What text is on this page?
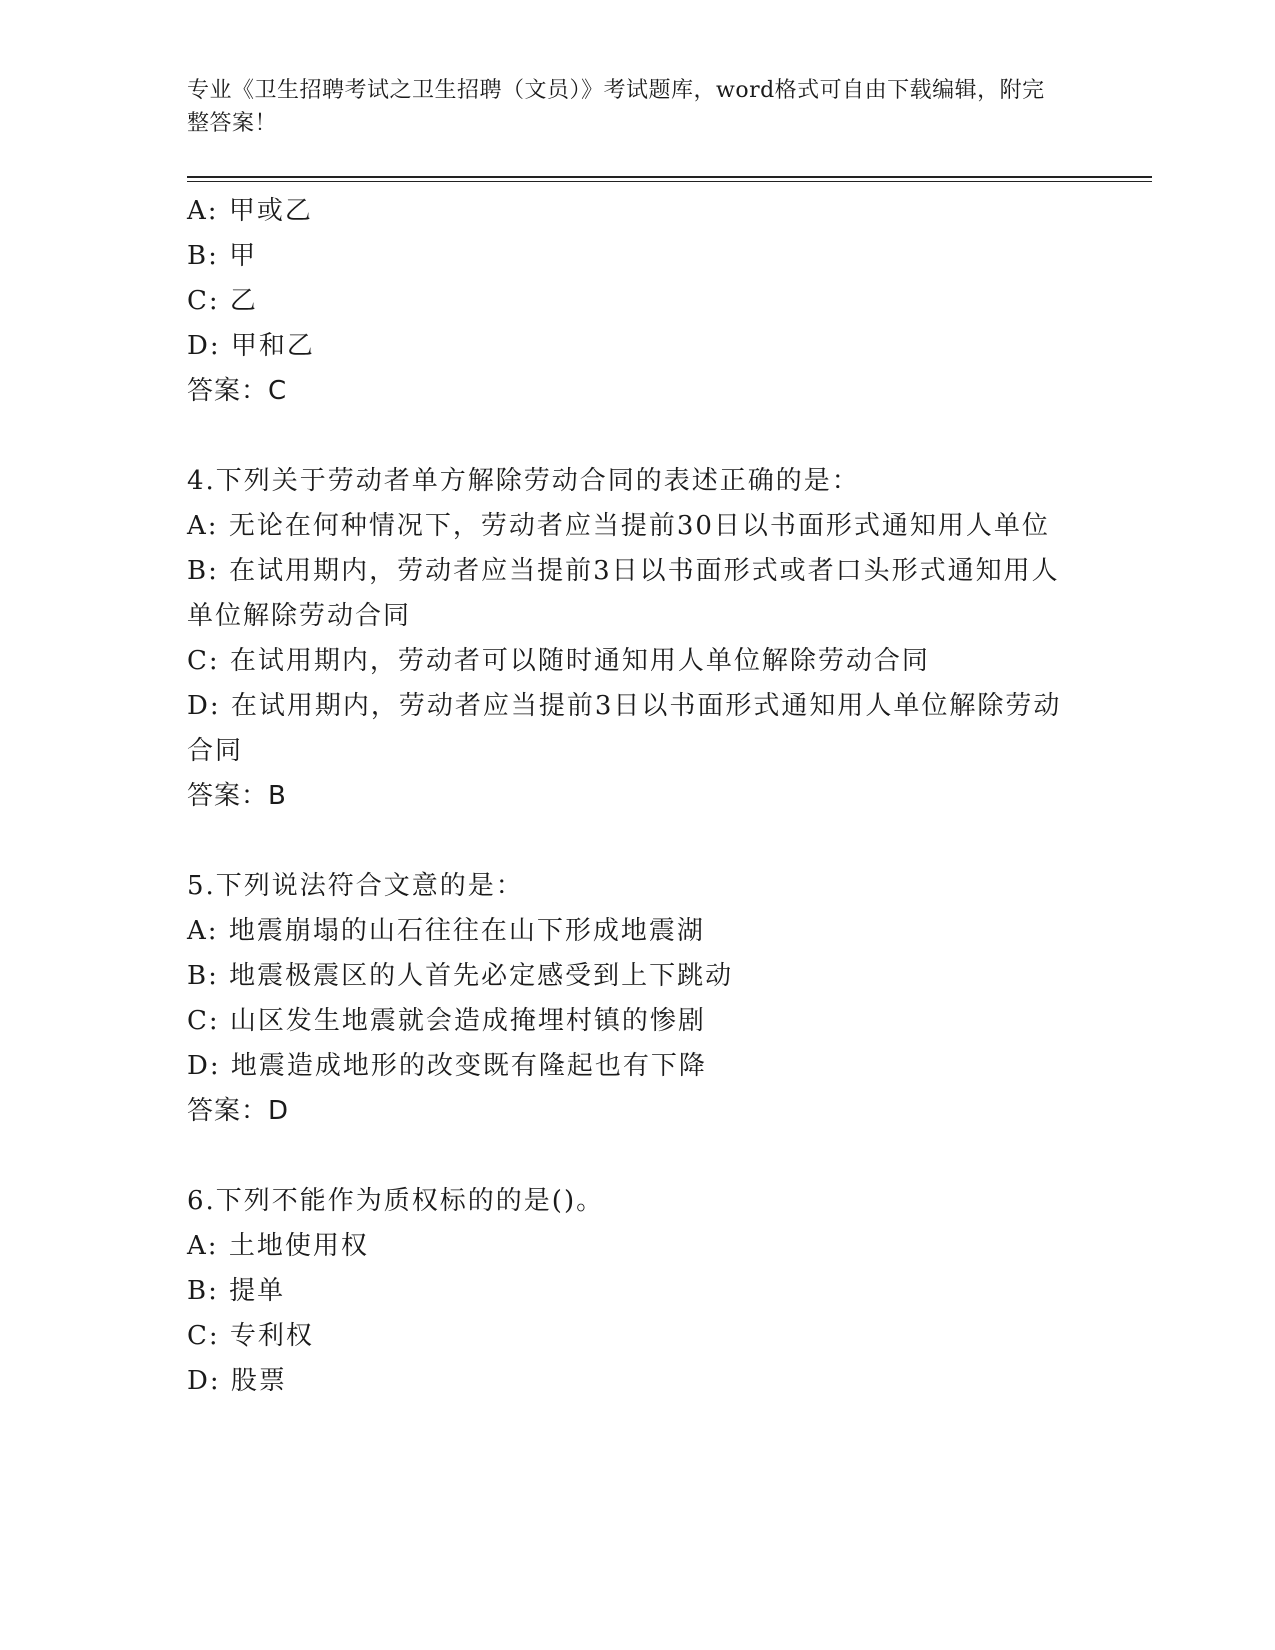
专业《卫生招聘考试之卫生招聘（文员）》考试题库，word格式可自由下载编辑，附完整答案！
A: 甲或乙
B: 甲
C: 乙
D: 甲和乙
答案：C
4.下列关于劳动者单方解除劳动合同的表述正确的是：
A: 无论在何种情况下，劳动者应当提前30日以书面形式通知用人单位
B: 在试用期内，劳动者应当提前3日以书面形式或者口头形式通知用人单位解除劳动合同
C: 在试用期内，劳动者可以随时通知用人单位解除劳动合同
D: 在试用期内，劳动者应当提前3日以书面形式通知用人单位解除劳动合同
答案：B
5.下列说法符合文意的是：
A: 地震崩塌的山石往往在山下形成地震湖
B: 地震极震区的人首先必定感受到上下跳动
C: 山区发生地震就会造成掩埋村镇的惨剧
D: 地震造成地形的改变既有隆起也有下降
答案：D
6.下列不能作为质权标的的是()。
A: 土地使用权
B: 提单
C: 专利权
D: 股票
